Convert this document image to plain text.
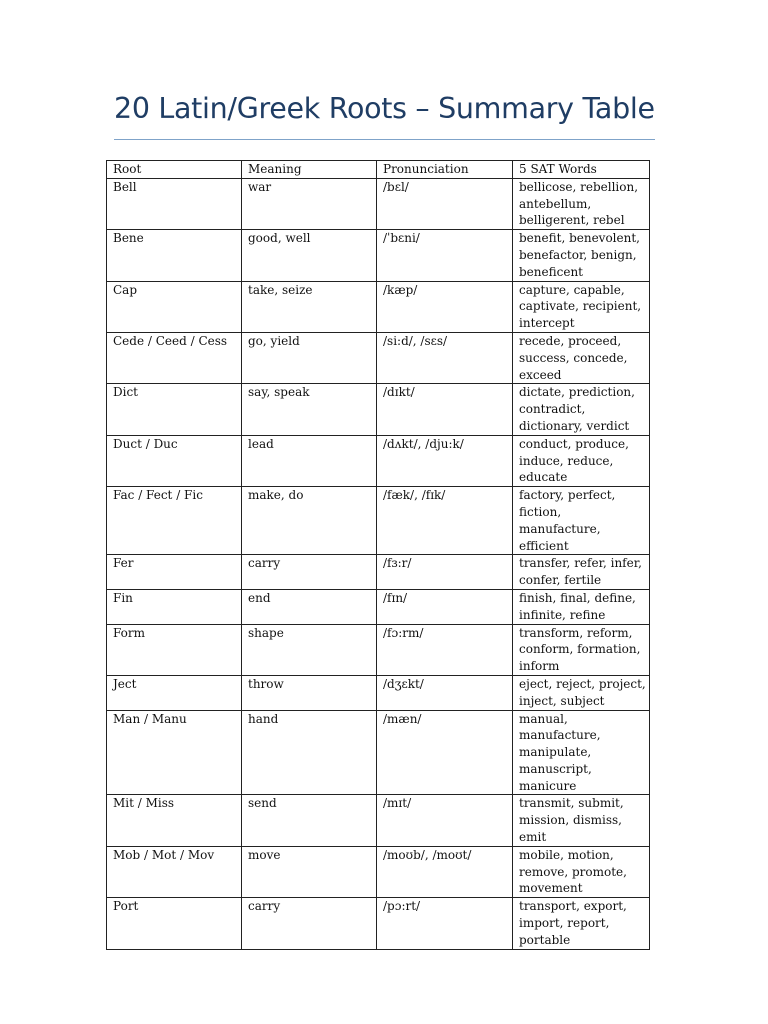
20 Latin/Greek Roots – Summary Table
Root	Meaning	Pronunciation	5 SAT Words
Bell	war	/bɛl/	bellicose, rebellion, antebellum, belligerent, rebel
Bene	good, well	/ˈbɛni/	benefit, benevolent, benefactor, benign, beneficent
Cap	take, seize	/kæp/	capture, capable, captivate, recipient, intercept
Cede / Ceed / Cess	go, yield	/si:d/, /sɛs/	recede, proceed, success, concede, exceed
Dict	say, speak	/dɪkt/	dictate, prediction, contradict, dictionary, verdict
Duct / Duc	lead	/dʌkt/, /dju:k/	conduct, produce, induce, reduce, educate
Fac / Fect / Fic	make, do	/fæk/, /fɪk/	factory, perfect, fiction, manufacture, efficient
Fer	carry	/fɜ:r/	transfer, refer, infer, confer, fertile
Fin	end	/fɪn/	finish, final, define, infinite, refine
Form	shape	/fɔ:rm/	transform, reform, conform, formation, inform
Ject	throw	/dʒɛkt/	eject, reject, project, inject, subject
Man / Manu	hand	/mæn/	manual, manufacture, manipulate, manuscript, manicure
Mit / Miss	send	/mɪt/	transmit, submit, mission, dismiss, emit
Mob / Mot / Mov	move	/moʊb/, /moʊt/	mobile, motion, remove, promote, movement
Port	carry	/pɔ:rt/	transport, export, import, report, portable
